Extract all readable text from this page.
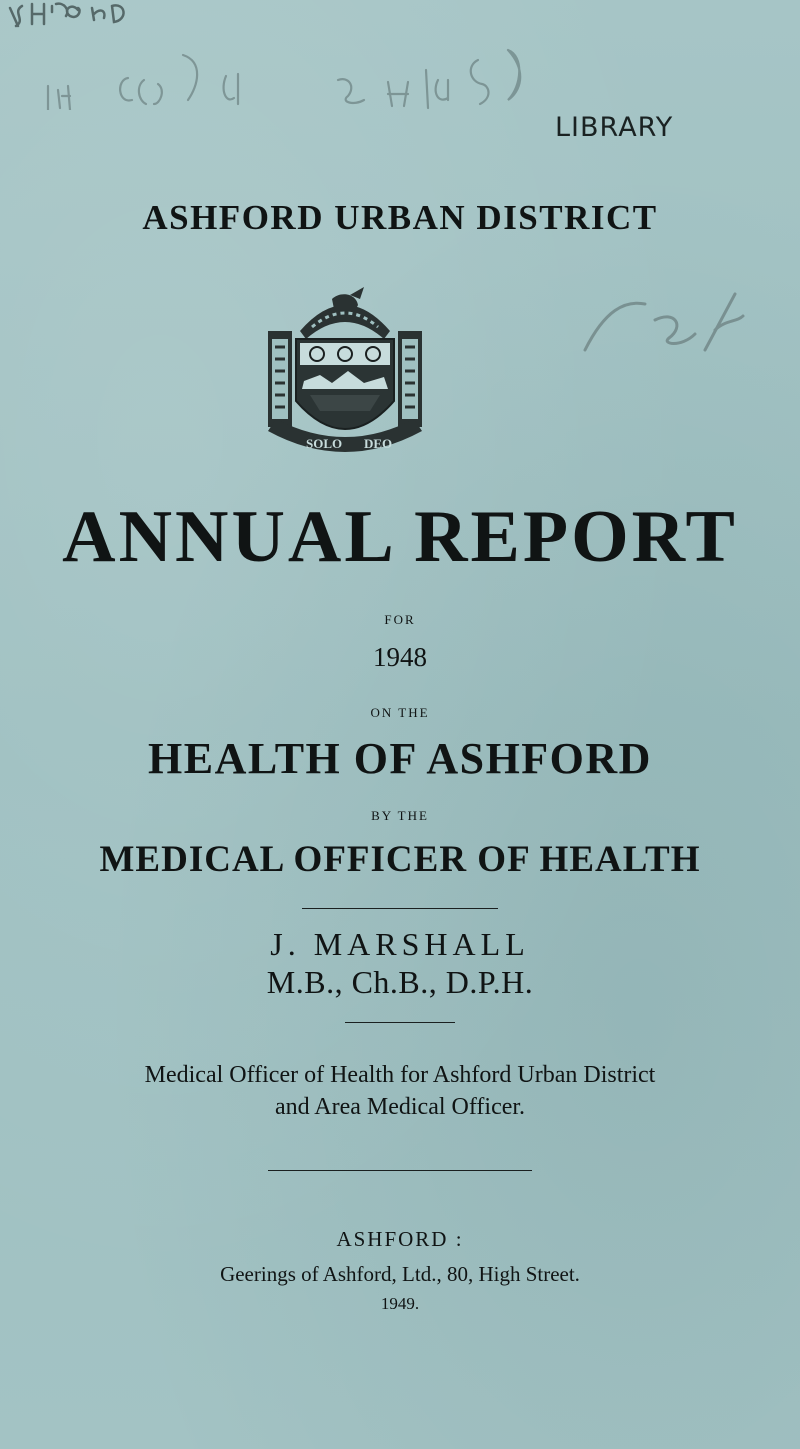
LIBRARY

ASHFORD URBAN DISTRICT
SOLO DEO
ANNUAL REPORT

FOR

1948

ON THE

HEALTH OF ASHFORD

BY THE

MEDICAL OFFICER OF HEALTH

J. MARSHALL

M.B., Ch.B., D.P.H.

Medical Officer of Health for Ashford Urban District

and Area Medical Officer.

ASHFORD :

Geerings of Ashford, Ltd., 80, High Street.

1949.
